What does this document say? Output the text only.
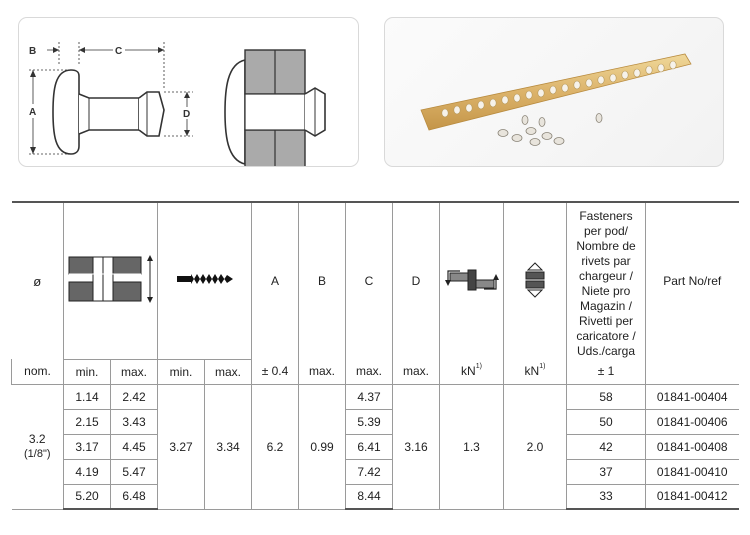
A
B	C
D
ø					A	B	C	D			Fasteners per pod/ Nombre de rivets par chargeur / Niete pro Magazin / Rivetti per caricatore / Uds./carga	Part No/ref
nom.	min.	max.	min.	max.	± 0.4	max.	max.	max.	$kN^{1)}$	$kN^{1)}$	± 1	

3.2
(1/8")	1.14	2.42	3.27	3.34	6.2	0.99	4.37	3.16	1.3	2.0	58	01841-00404
	2.15	3.43					5.39				50	01841-00406
	3.17	4.45					6.41				42	01841-00408
	4.19	5.47					7.42				37	01841-00410
	5.20	6.48					8.44				33	01841-00412
